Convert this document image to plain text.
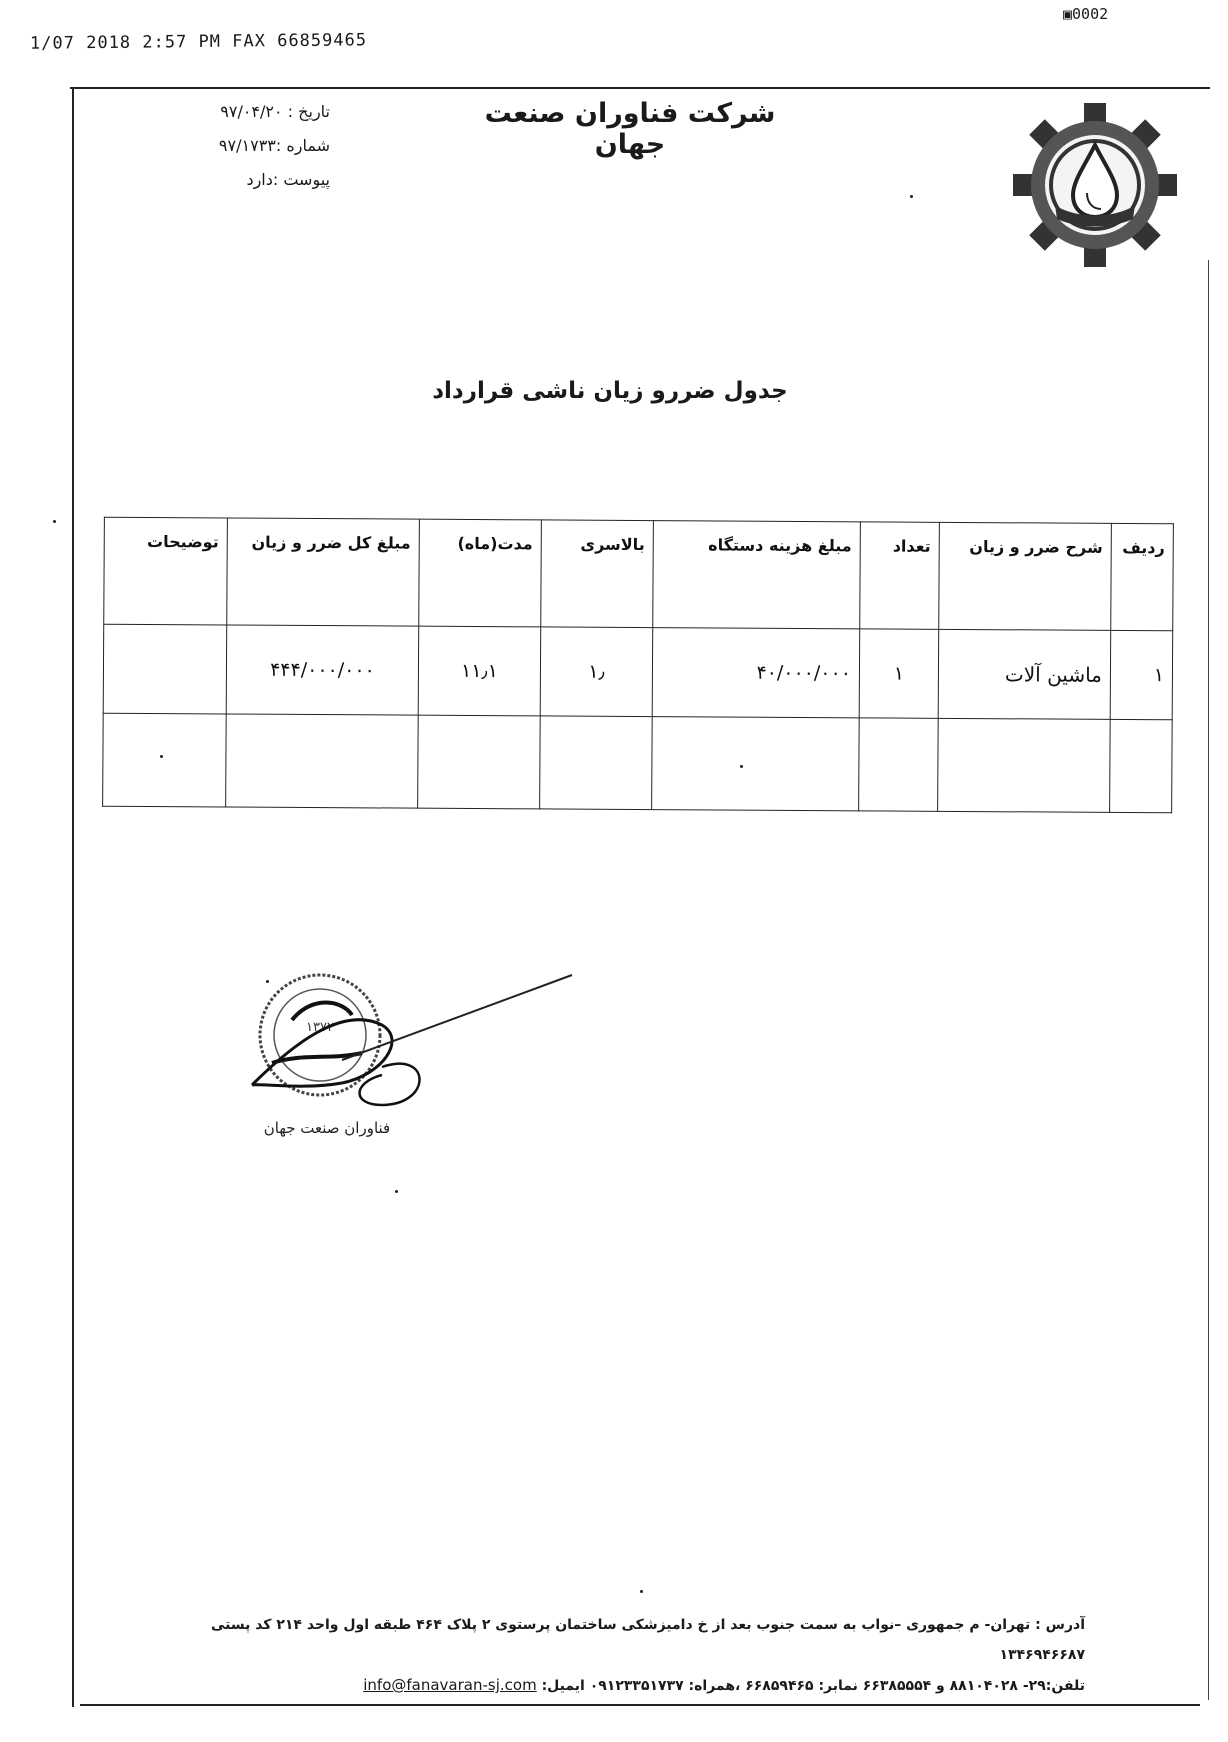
1/07 2018 2:57 PM FAX 66859465
▣0002
شرکت فناوران صنعت جهان
تاریخ : ۹۷/۰۴/۲۰
شماره :۹۷/۱۷۳۳
پیوست :دارد
جدول ضررو زیان ناشی قرارداد
ردیف	شرح ضرر و زیان	تعداد	مبلغ هزینه دستگاه	بالاسری	مدت(ماه)	مبلغ کل ضرر و زیان	توضیحات
۱	ماشین آلات	۱	۴۰/۰۰۰/۰۰۰	۱٫	۱۱٫۱	۴۴۴/۰۰۰/۰۰۰	

۱۳۷۲
فناوران صنعت جهان
آدرس : تهران- م جمهوری –نواب به سمت جنوب بعد از خ دامیزشکی ساختمان پرستوی ۲ پلاک ۴۶۴ طبقه اول واحد ۲۱۴ کد پستی ۱۳۴۶۹۴۶۶۸۷
تلفن:۲۹- ۸۸۱۰۴۰۲۸ و ۶۶۳۸۵۵۵۴ نمابر: ۶۶۸۵۹۴۶۵ ،همراه: ۰۹۱۲۳۳۵۱۷۳۷ ایمیل: info@fanavaran-sj.com
